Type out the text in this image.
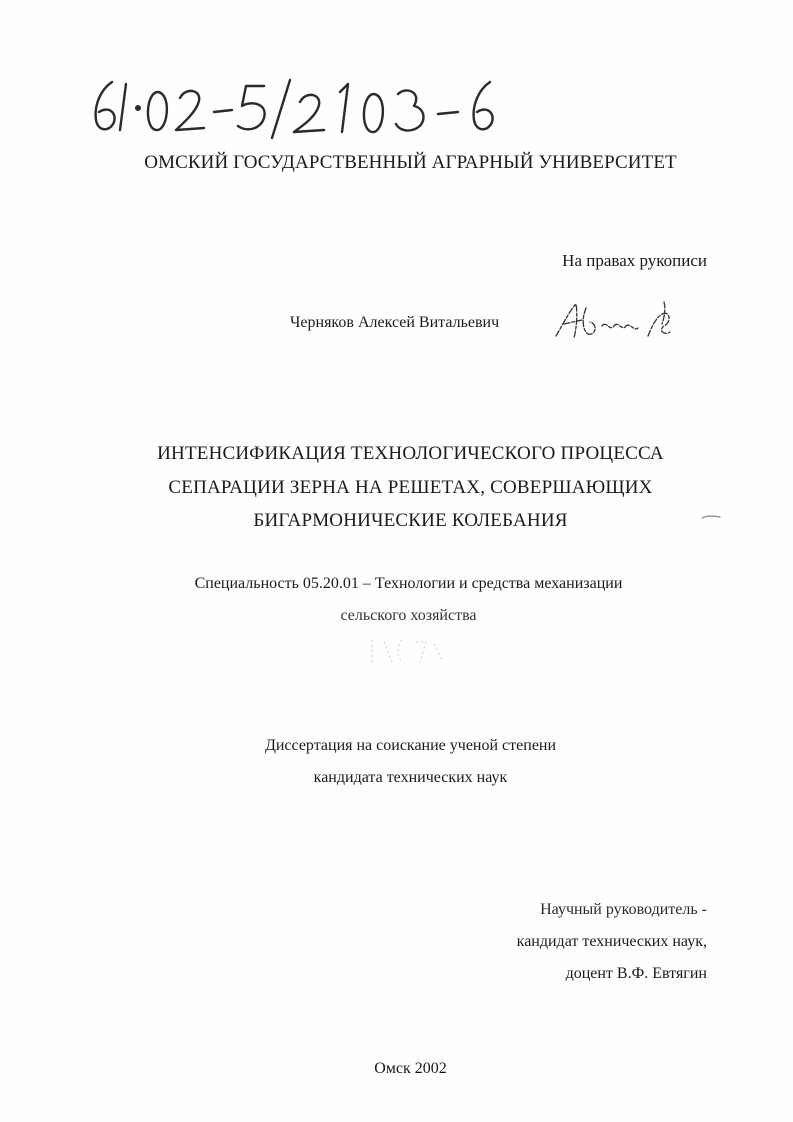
ОМСКИЙ ГОСУДАРСТВЕННЫЙ АГРАРНЫЙ УНИВЕРСИТЕТ
На правах рукописи
Черняков Алексей Витальевич
ИНТЕНСИФИКАЦИЯ ТЕХНОЛОГИЧЕСКОГО ПРОЦЕССА
СЕПАРАЦИИ ЗЕРНА НА РЕШЕТАХ, СОВЕРШАЮЩИХ
БИГАРМОНИЧЕСКИЕ КОЛЕБАНИЯ
Специальность 05.20.01 – Технологии и средства механизации
сельского хозяйства
Диссертация на соискание ученой степени
кандидата технических наук
Научный руководитель -
кандидат технических наук,
доцент В.Ф. Евтягин
Омск 2002
